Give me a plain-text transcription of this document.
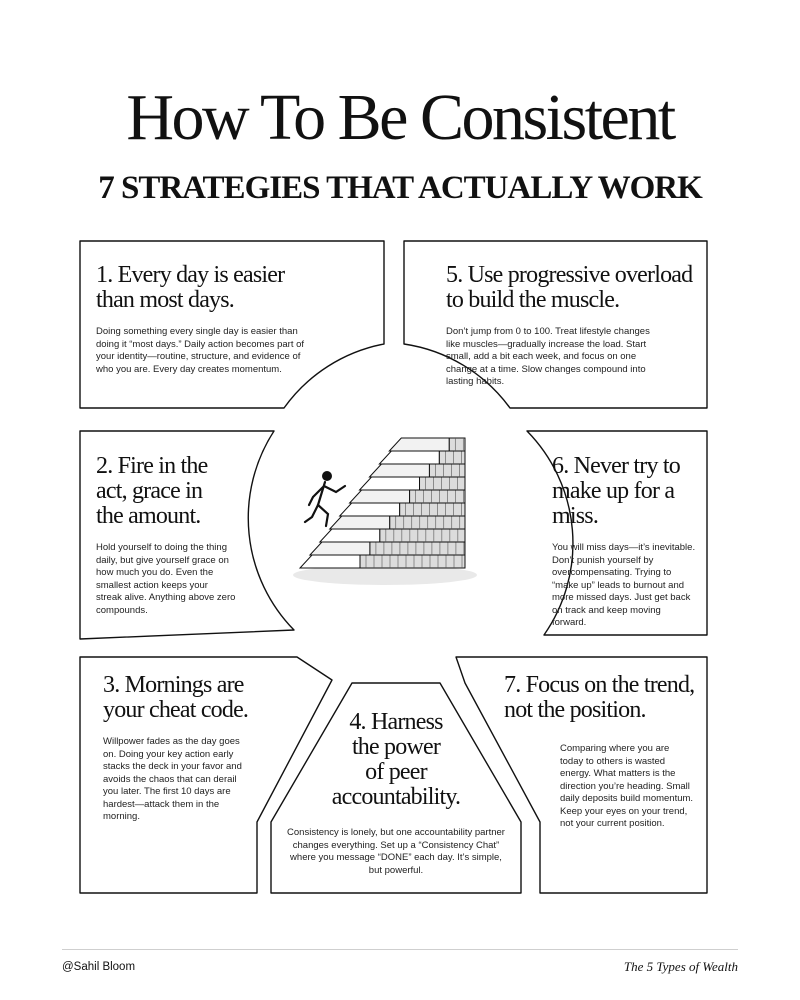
How To Be Consistent
7 STRATEGIES THAT ACTUALLY WORK
1. Every day is easier
than most days.
Doing something every single day is easier than doing it “most days.” Daily action becomes part of your identity—routine, structure, and evidence of who you are. Every day creates momentum.
5. Use progressive overload
to build the muscle.
Don’t jump from 0 to 100. Treat lifestyle changes like muscles—gradually increase the load. Start small, add a bit each week, and focus on one change at a time. Slow changes compound into lasting habits.
2. Fire in the
act, grace in
the amount.
Hold yourself to doing the thing daily, but give yourself grace on how much you do. Even the smallest action keeps your streak alive. Anything above zero compounds.
6. Never try to
make up for a
miss.
You will miss days—it’s inevitable. Don’t punish yourself by overcompensating. Trying to “make up” leads to burnout and more missed days. Just get back on track and keep moving forward.
3. Mornings are
your cheat code.
Willpower fades as the day goes on. Doing your key action early stacks the deck in your favor and avoids the chaos that can derail you later. The first 10 days are hardest—attack them in the morning.
4. Harness
the power
of peer
accountability.
Consistency is lonely, but one accountability partner changes everything. Set up a “Consistency Chat” where you message “DONE” each day. It’s simple, but powerful.
7. Focus on the trend,
not the position.
Comparing where you are today to others is wasted energy. What matters is the direction you’re heading. Small daily deposits build momentum. Keep your eyes on your trend, not your current position.
@Sahil Bloom	The 5 Types of Wealth
